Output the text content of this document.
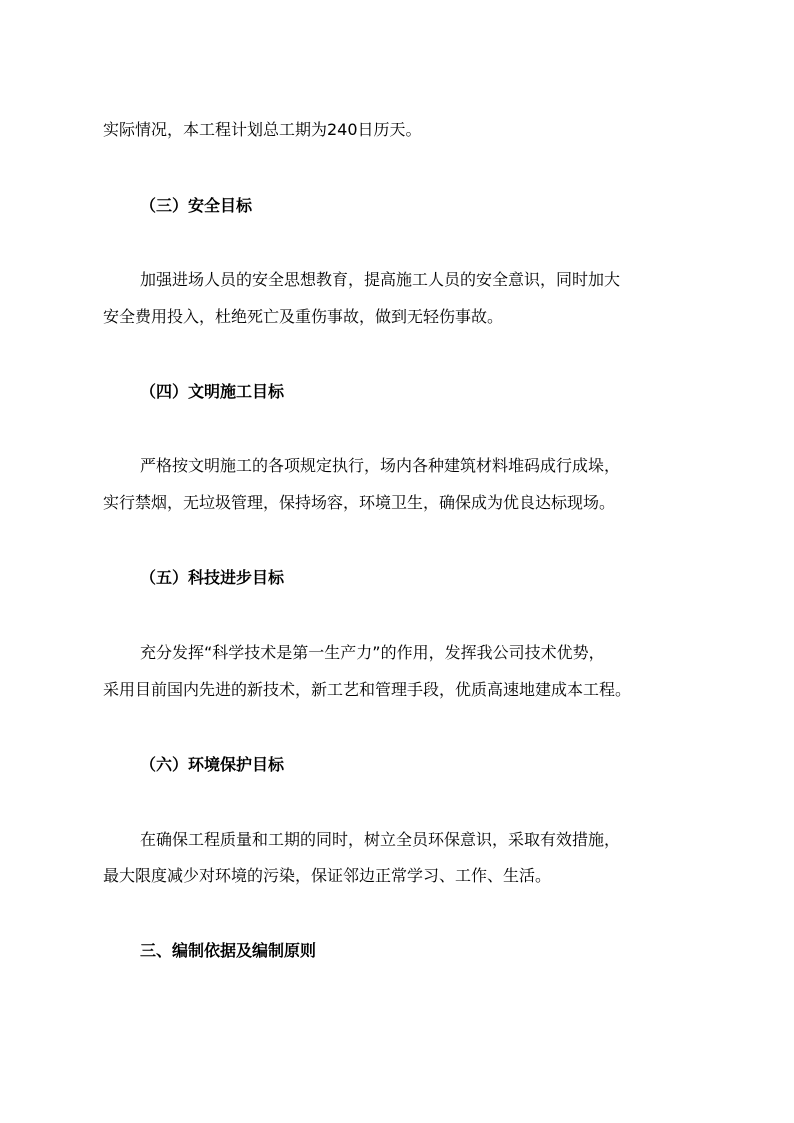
实际情况，本工程计划总工期为240日历天。
（三）安全目标
加强进场人员的安全思想教育，提高施工人员的安全意识，同时加大
安全费用投入，杜绝死亡及重伤事故，做到无轻伤事故。
（四）文明施工目标
严格按文明施工的各项规定执行，场内各种建筑材料堆码成行成垛，
实行禁烟，无垃圾管理，保持场容，环境卫生，确保成为优良达标现场。
（五）科技进步目标
充分发挥“科学技术是第一生产力”的作用，发挥我公司技术优势，
采用目前国内先进的新技术，新工艺和管理手段，优质高速地建成本工程。
（六）环境保护目标
在确保工程质量和工期的同时，树立全员环保意识，采取有效措施，
最大限度减少对环境的污染，保证邻边正常学习、工作、生活。
三、编制依据及编制原则
